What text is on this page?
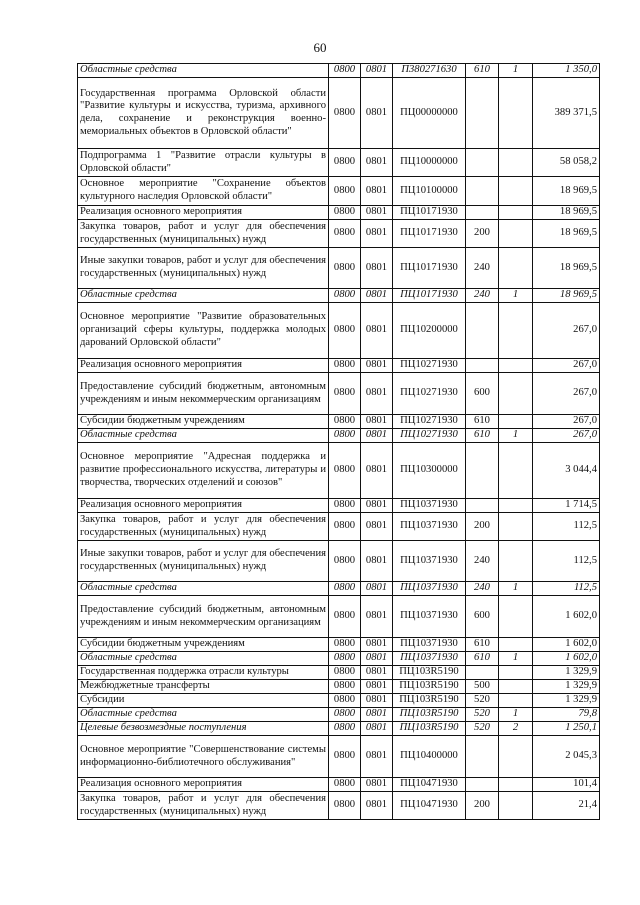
60
Областные средства	0800	0801	П380271630	610	1	1 350,0
Государственная программа Орловской области "Развитие культуры и искусства, туризма, архивного дела, сохранение и реконструкция военно-мемориальных объектов в Орловской области"	0800	0801	ПЦ00000000			389 371,5
Подпрограмма 1 "Развитие отрасли культуры в Орловской области"	0800	0801	ПЦ10000000			58 058,2
Основное мероприятие "Сохранение объектов культурного наследия Орловской области"	0800	0801	ПЦ10100000			18 969,5
Реализация основного мероприятия	0800	0801	ПЦ10171930			18 969,5
Закупка товаров, работ и услуг для обеспечения государственных (муниципальных) нужд	0800	0801	ПЦ10171930	200		18 969,5
Иные закупки товаров, работ и услуг для обеспечения государственных (муниципальных) нужд	0800	0801	ПЦ10171930	240		18 969,5
Областные средства	0800	0801	ПЦ10171930	240	1	18 969,5
Основное мероприятие "Развитие образовательных организаций сферы культуры, поддержка молодых дарований Орловской области"	0800	0801	ПЦ10200000			267,0
Реализация основного мероприятия	0800	0801	ПЦ10271930			267,0
Предоставление субсидий бюджетным, автономным учреждениям и иным некоммерческим организациям	0800	0801	ПЦ10271930	600		267,0
Субсидии бюджетным учреждениям	0800	0801	ПЦ10271930	610		267,0
Областные средства	0800	0801	ПЦ10271930	610	1	267,0
Основное мероприятие "Адресная поддержка и развитие профессионального искусства, литературы и творчества, творческих отделений и союзов"	0800	0801	ПЦ10300000			3 044,4
Реализация основного мероприятия	0800	0801	ПЦ10371930			1 714,5
Закупка товаров, работ и услуг для обеспечения государственных (муниципальных) нужд	0800	0801	ПЦ10371930	200		112,5
Иные закупки товаров, работ и услуг для обеспечения государственных (муниципальных) нужд	0800	0801	ПЦ10371930	240		112,5
Областные средства	0800	0801	ПЦ10371930	240	1	112,5
Предоставление субсидий бюджетным, автономным учреждениям и иным некоммерческим организациям	0800	0801	ПЦ10371930	600		1 602,0
Субсидии бюджетным учреждениям	0800	0801	ПЦ10371930	610		1 602,0
Областные средства	0800	0801	ПЦ10371930	610	1	1 602,0
Государственная поддержка отрасли культуры	0800	0801	ПЦ103R5190			1 329,9
Межбюджетные трансферты	0800	0801	ПЦ103R5190	500		1 329,9
Субсидии	0800	0801	ПЦ103R5190	520		1 329,9
Областные средства	0800	0801	ПЦ103R5190	520	1	79,8
Целевые безвозмездные поступления	0800	0801	ПЦ103R5190	520	2	1 250,1
Основное мероприятие "Совершенствование системы информационно-библиотечного обслуживания"	0800	0801	ПЦ10400000			2 045,3
Реализация основного мероприятия	0800	0801	ПЦ10471930			101,4
Закупка товаров, работ и услуг для обеспечения государственных (муниципальных) нужд	0800	0801	ПЦ10471930	200		21,4
